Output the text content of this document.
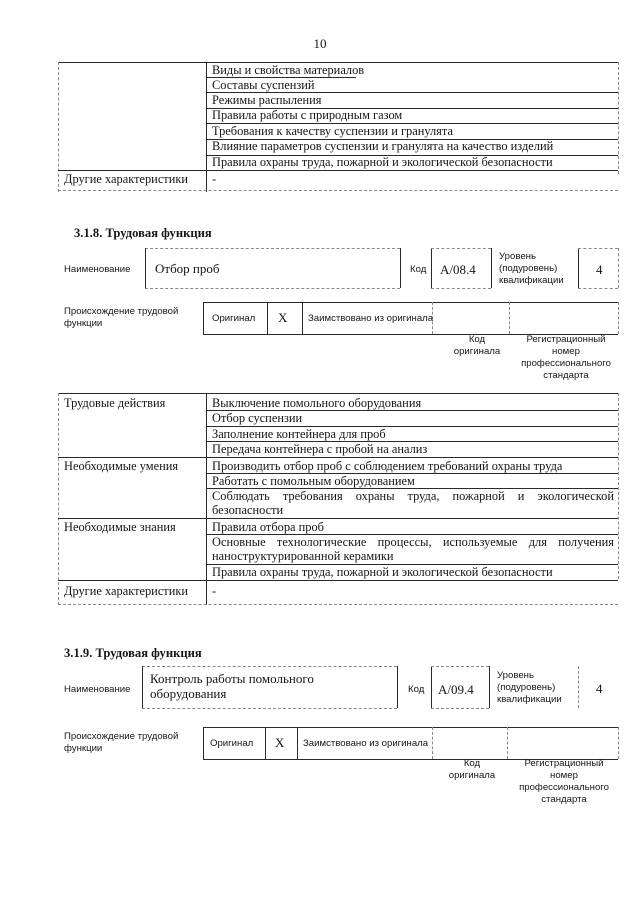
10
Виды и свойства материалов
Составы суспензий
Режимы распыления
Правила работы с природным газом
Требования к качеству суспензии и гранулята
Влияние параметров суспензии и гранулята на качество изделий
Правила охраны труда, пожарной и экологической безопасности
Другие характеристики -
3.1.8. Трудовая функция
Наименование Отбор проб	Код A/08.4
Уровень
(подуровень)
квалификации
4
Происхождение трудовой
функции	Оригинал X Заимствовано из оригинала
Код
оригинала
Регистрационный
номер
профессионального
стандарта
Трудовые действия	Выключение помольного оборудования
Отбор суспензии
Заполнение контейнера для проб
Передача контейнера с пробой на анализ
Необходимые умения	Производить отбор проб с соблюдением требований охраны труда
Работать с помольным оборудованием
Соблюдать требования охраны труда, пожарной и экологической безопасности
Необходимые знания	Правила отбора проб
Основные технологические процессы, используемые для получения наноструктурированной керамики
Правила охраны труда, пожарной и экологической безопасности
Другие характеристики -
3.1.9. Трудовая функция
Наименование
Контроль работы помольного
оборудования	Код A/09.4
Уровень
(подуровень)
квалификации
4
Происхождение трудовой
функции	Оригинал X Заимствовано из оригинала
Код
оригинала
Регистрационный
номер
профессионального
стандарта
